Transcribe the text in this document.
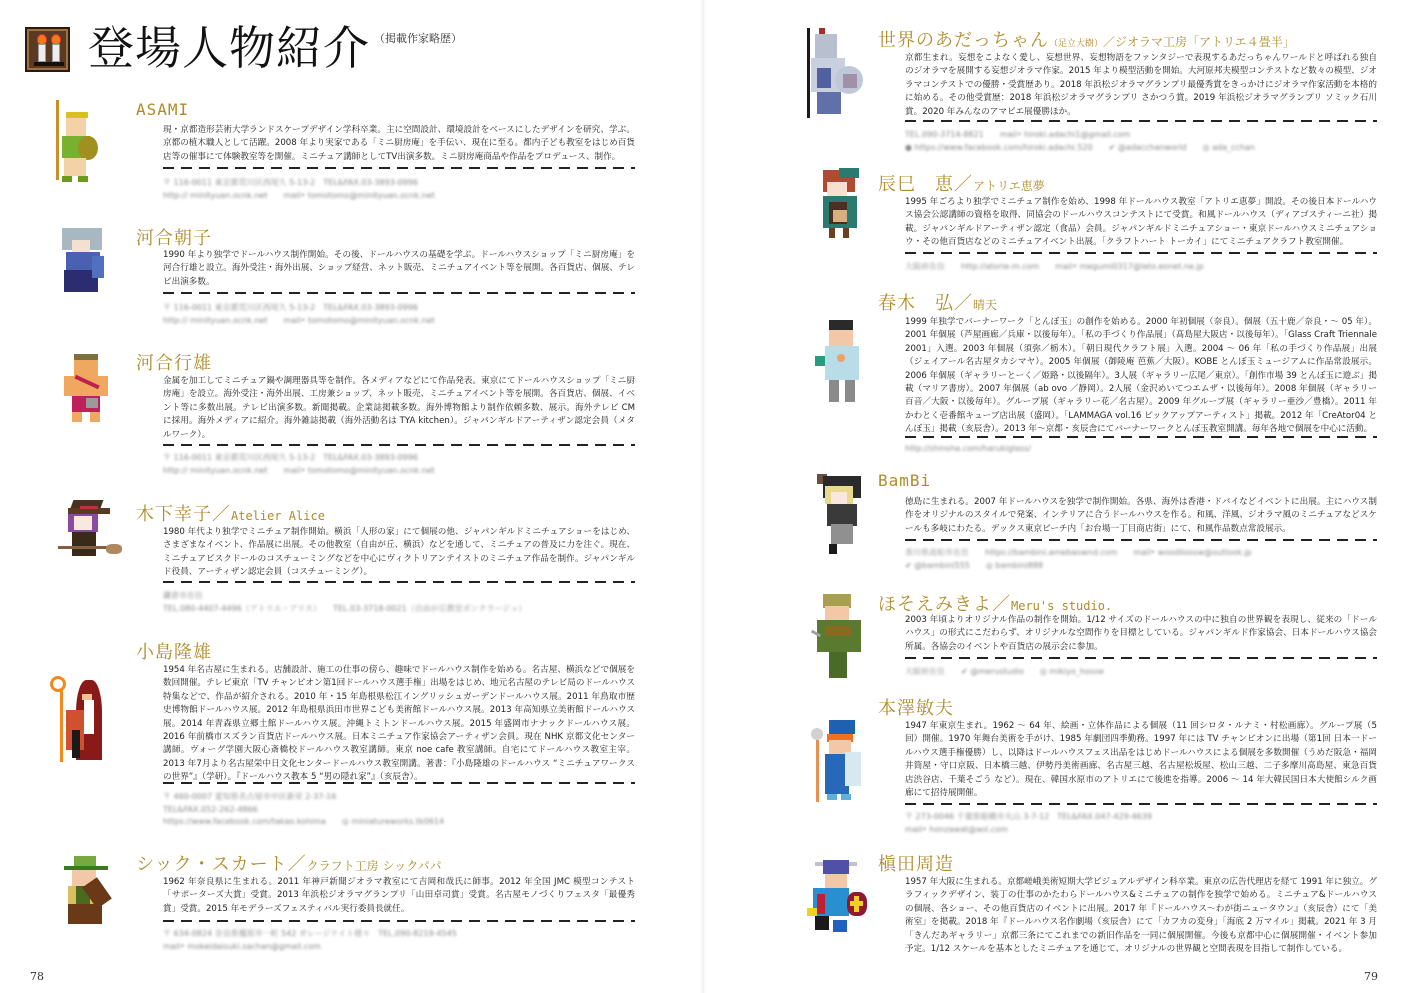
登場人物紹介 （掲載作家略歴）
ASAMI
現・京都造形芸術大学ランドスケープデザイン学科卒業。主に空間設計、環境設計をベースにしたデザインを研究、学ぶ。京都の植木職人として活躍。2008 年より実家である「ミニ厨房庵」を手伝い、現在に至る。都内子ども教室をはじめ百貨店等の催事にて体験教室等を開催。ミニチュア講師としてTV出演多数。ミニ厨房庵商品や作品をプロデュース、制作。
〒 116-0011 東京都荒川区西尾久 5-13-2　TEL&FAX.03-3893-0996
http:// minityuan.ocnk.net　　mail• tomotomo@minityuan.ocnk.net
河合朝子
1990 年より独学でドールハウス制作開始。その後、ドールハウスの基礎を学ぶ。ドールハウスショップ「ミニ厨房庵」を河合行雄と設立。海外受注・海外出展、ショップ経営、ネット販売、ミニチュアイベント等を展開。各百貨店、個展、テレビ出演多数。
〒 116-0011 東京都荒川区西尾久 5-13-2　TEL&FAX.03-3893-0996
http:// minityuan.ocnk.net　　mail• tomotomo@minityuan.ocnk.net
河合行雄
金属を加工してミニチュア鍋や調理器具等を制作。各メディアなどにて作品発表。東京にてドールハウスショップ「ミニ厨房庵」を設立。海外受注・海外出展、工房兼ショップ、ネット販売、ミニチュアイベント等を展開。各百貨店、個展、イベント等に多数出展。テレビ出演多数。新聞掲載。企業誌掲載多数。海外博物館より制作依頼多数、展示。海外テレビ CM に採用。海外メディアに紹介。海外雑誌掲載（海外活動名は TYA kitchen）。ジャパンギルドアーティザン認定会員（メタルワーク）。
〒 116-0011 東京都荒川区西尾久 5-13-2　TEL&FAX.03-3893-0996
http:// minityuan.ocnk.net　　mail• tomotomo@minityuan.ocnk.net
木下幸子／Atelier Alice
1980 年代より独学でミニチュア制作開始。横浜「人形の家」にて個展の他、ジャパンギルドミニチュアショーをはじめ、さまざまなイベント、作品展に出展。その他教室（自由が丘、横浜）などを通して、ミニチュアの普及に力を注ぐ。現在、ミニチュアビスクドールのコスチューミングなどを中心にヴィクトリアンテイストのミニチュア作品を制作。ジャパンギルド役員、アーティザン認定会員（コスチューミング）。
鎌倉市在住
TEL.080-4407-4496（アトリエ・アリス）　　TEL.03-3718-0021（自由が丘教室ボンクラージュ）
小島隆雄
1954 年名古屋に生まれる。店舗設計、施工の仕事の傍ら、趣味でドールハウス制作を始める。名古屋、横浜などで個展を数回開催。テレビ東京「TV チャンピオン第1回ドールハウス選手権」出場をはじめ、地元名古屋のテレビ局のドールハウス特集などで、作品が紹介される。2010 年・15 年島根県松江イングリッシュガーデンドールハウス展。2011 年鳥取市歴史博物館ドールハウス展。2012 年島根県浜田市世界こども美術館ドールハウス展。2013 年高知県立美術館ドールハウス展。2014 年青森県立郷土館ドールハウス展。沖縄トミトンドールハウス展。2015 年盛岡市ナナックドールハウス展。2016 年前橋市スズラン百貨店ドールハウス展。日本ミニチュア作家協会アーティザン会員。現在 NHK 京都文化センター講師。ヴォーグ学園大阪心斎橋校ドールハウス教室講師。東京 noe cafe 教室講師。自宅にてドールハウス教室主宰。2013 年7月より名古屋栄中日文化センタードールハウス教室開講。著書：『小島隆雄のドールハウス “ミニチュアワークスの世界”』（学研）。『ドールハウス教本 5 “男の隠れ家”』（亥辰舎）。
〒 460-0007 愛知県名古屋市中区新栄 2-37-16
TEL&FAX.052-262-4866
https://www.facebook.com/takao.kohima　　◎ miniatureworks.tk0614
シック・スカート／クラフト工房 シックパパ
1962 年奈良県に生まれる。2011 年神戸新聞ジオラマ教室にて吉岡和哉氏に師事。2012 年全国 JMC 模型コンテスト「サポーターズ大賞」受賞。2013 年浜松ジオラマグランプリ「山田卓司賞」受賞。名古屋モノづくりフェスタ「最優秀賞」受賞。2015 年モデラーズフェスティバル実行委員長就任。
〒 634-0824 奈良県橿原市一町 542 ガレージケイト様々　TEL.090-8219-4545
mail• mokeidaisuki.sachan@gmail.com
78
世界のあだっちゃん（足立大樹）／ジオラマ工房「アトリエ４畳半」
京都生まれ。妄想をこよなく愛し、妄想世界、妄想物語をファンタジーで表現するあだっちゃんワールドと呼ばれる独自のジオラマを展開する妄想ジオラマ作家。2015 年より模型活動を開始。大河原邦夫模型コンテストなど数々の模型、ジオラマコンテストでの優勝・受賞歴あり。2018 年浜松ジオラマグランプリ最優秀賞をきっかけにジオラマ作家活動を本格的に始める。その他受賞歴：2018 年浜松ジオラマグランプリ さかつう賞。2019 年浜松ジオラマグランプリ ソミック石川賞。2020 年みんなのアマビエ展優勝ほか。
TEL.090-3714-8821　　mail• hiroki.adachi1@gmail.com
● https://www.facebook.com/hiroki.adachi.520　　✔ @adacchanworld　　◎ ada_cchan
辰巳　恵／アトリエ恵夢
1995 年ごろより独学でミニチュア制作を始め、1998 年ドールハウス教室「アトリエ恵夢」開設。その後日本ドールハウス協会公認講師の資格を取得、同協会のドールハウスコンテストにて受賞。和風ドールハウス（ディアゴスティーニ社）掲載。ジャパンギルドアーティザン認定（食品）会員。ジャパンギルドミニチュアショー・東京ドールハウスミニチュアショウ・その他百貨店などのミニチュアイベント出展。「クラフトハート トーカイ」にてミニチュアクラフト教室開催。
大阪府在住　　http://atorie-m.com　　mail• megumi0317@lato.eonet.ne.jp
春木　弘／晴天
1999 年独学でバーナーワーク「とんぼ玉」の創作を始める。2000 年初個展（奈良）。個展（五十鹿／奈良・～ 05 年）。2001 年個展（芦屋画廊／兵庫・以後毎年）。「私の手づくり作品展」（髙島屋大阪店・以後毎年）。「Glass Craft Triennale 2001」入選。2003 年個展（須弥／栃木）。「朝日現代クラフト展」入選。2004 ～ 06 年「私の手づくり作品展」出展（ジェイアール名古屋タカシマヤ）。2005 年個展（御陵庵 芭蕉／大阪）。KOBE とんぼ玉ミュージアムに作品常設展示。2006 年個展（ギャラリーとーく／姫路・以後隔年）。3人展（ギャラリー広尾／東京）。「創作市場 39 とんぼ玉に遊ぶ」掲載（マリア書房）。2007 年個展（ab ovo ／静岡）。2人展（金沢めいてつエムザ・以後毎年）。2008 年個展（ギャラリー百音／大阪・以後毎年）。グループ展（ギャラリー花／名古屋）。2009 年グループ展（ギャラリー亜沙／豊橋）。2011 年かわとく壱番館キューブ店出展（盛岡）。「LAMMAGA vol.16 ピックアップアーティスト」掲載。2012 年「CreAtor04 とんぼ玉」掲載（亥辰舎）。2013 年～京都・亥辰舎にてバーナーワークとんぼ玉教室開講。毎年各地で個展を中心に活動。
http://shinsha.com/harukiglass/
BamBi
徳島に生まれる。2007 年ドールハウスを独学で制作開始。各県、海外は香港・ドバイなどイベントに出展。主にハウス制作をオリジナルのスタイルで発案、インテリアに合うドールハウスを作る。和風、洋風、ジオラマ風のミニチュアなどスケールも多岐にわたる。デックス東京ビーチ内「お台場一丁目商店街」にて、和風作品数点常設展示。
香川県高松市在住　　https://bambini.amebaownd.com　　mail• woodlioosw@outlook.jp
✔ @bambini555　　◎ bambini888
ほそえみきよ／Meru's studio.
2003 年頃よりオリジナル作品の制作を開始。1/12 サイズのドールハウスの中に独自の世界観を表現し、従来の「ドールハウス」の形式にこだわらず、オリジナルな空間作りを目標としている。ジャパンギルド作家協会、日本ドールハウス協会所属。各協会のイベントや百貨店の展示会に参加。
大阪府在住　　✔ @merustudio　　◎ mikiyo_hosoe
本澤敏夫
1947 年東京生まれ。1962 ～ 64 年、絵画・立体作品による個展（11 回シロタ・ルナミ・村松画廊）。グループ展（5 回）開催。1970 年舞台美術を手がけ、1985 年劇団四季勤務。1997 年には TV チャンピオンに出場（第1回 日本一ドールハウス選手権優勝）し、以降はドールハウスフェス出品をはじめドールハウスによる個展を多数開催（うめだ阪急・福岡井筒屋・守口京阪、日本橋三越、伊勢丹美術画廊、名古屋三越、名古屋松坂屋、松山三越、二子多摩川髙島屋、東急百貨店渋谷店、千葉そごう など）。現在、韓国水原市のアトリエにて後進を指導。2006 ～ 14 年大韓民国日本大使館シルク画廊にて招待展開催。
〒 273-0046 千葉県船橋市丸山 3-7-12　TEL&FAX.047-429-4639
mail• honzawat@aol.com
槇田周造
1957 年大阪に生まれる。京都嵯峨美術短期大学ビジュアルデザイン科卒業。東京の広告代理店を経て 1991 年に独立。グラフィックデザイン、装丁の仕事のかたわらドールハウス&ミニチュアの制作を独学で始める。ミニチュア&ドールハウスの個展、各ショー、その他百貨店のイベントに出展。2017 年『ドールハウス～わが街ニュータウン』（亥辰舎）にて「美術室」を掲載。2018 年『ドールハウス名作劇場（亥辰舎）にて「カフカの変身」「海底 2 万マイル」掲載。2021 年 3 月「きんだあギャラリー」京都三条にてこれまでの新旧作品を一同に個展開催。今後も京都中心に個展開催・イベント参加予定。1/12 スケールを基本としたミニチュアを通じて、オリジナルの世界観と空間表現を目指して制作している。
79
